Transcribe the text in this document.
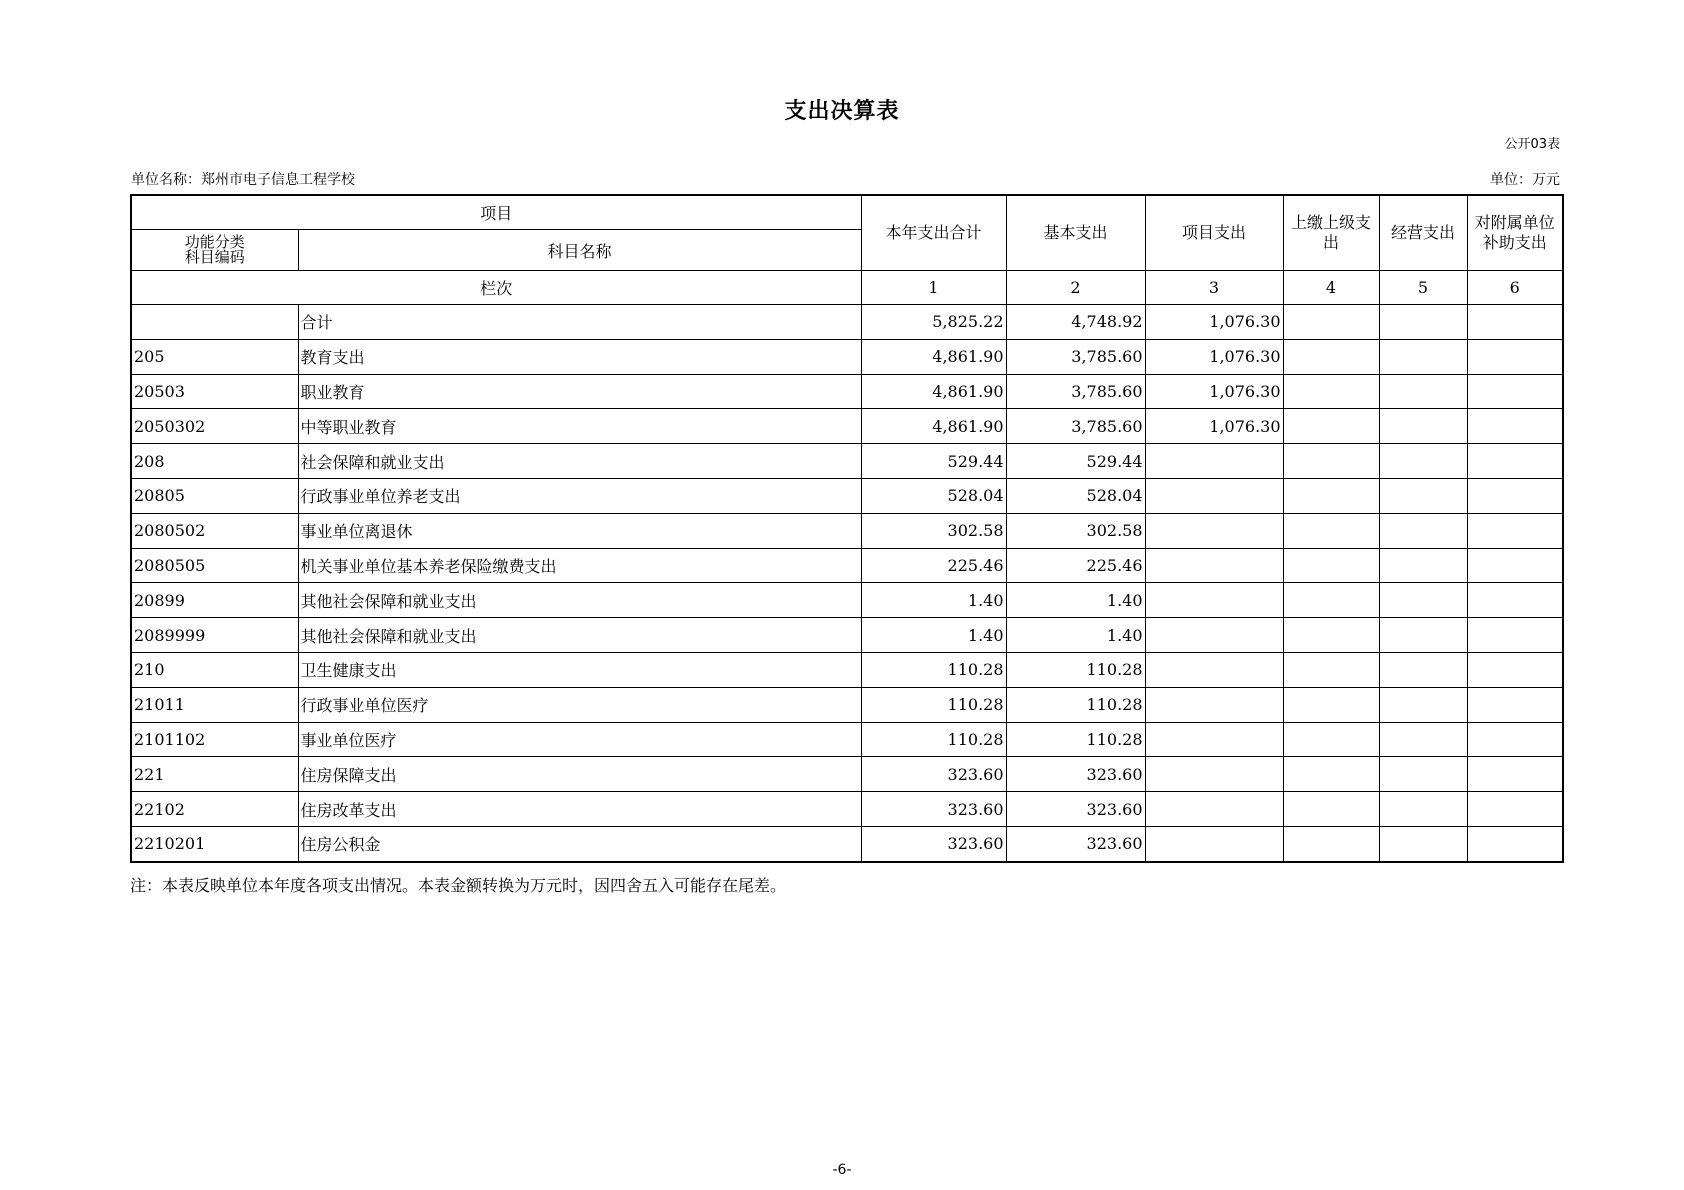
支出决算表
公开03表
单位名称：郑州市电子信息工程学校	单位：万元
项目		本年支出合计	基本支出	项目支出	上缴上级支出	经营支出	对附属单位补助支出

功能分类
科目编码	科目名称						
栏次		1	2	3	4	5	6
	合计	5,825.22	4,748.92	1,076.30			
205	教育支出	4,861.90	3,785.60	1,076.30			
20503	职业教育	4,861.90	3,785.60	1,076.30			
2050302	中等职业教育	4,861.90	3,785.60	1,076.30			
208	社会保障和就业支出	529.44	529.44				
20805	行政事业单位养老支出	528.04	528.04				
2080502	事业单位离退休	302.58	302.58				
2080505	机关事业单位基本养老保险缴费支出	225.46	225.46				
20899	其他社会保障和就业支出	1.40	1.40				
2089999	其他社会保障和就业支出	1.40	1.40				
210	卫生健康支出	110.28	110.28				
21011	行政事业单位医疗	110.28	110.28				
2101102	事业单位医疗	110.28	110.28				
221	住房保障支出	323.60	323.60				
22102	住房改革支出	323.60	323.60				
2210201	住房公积金	323.60	323.60				
注：本表反映单位本年度各项支出情况。本表金额转换为万元时，因四舍五入可能存在尾差。
-6-
